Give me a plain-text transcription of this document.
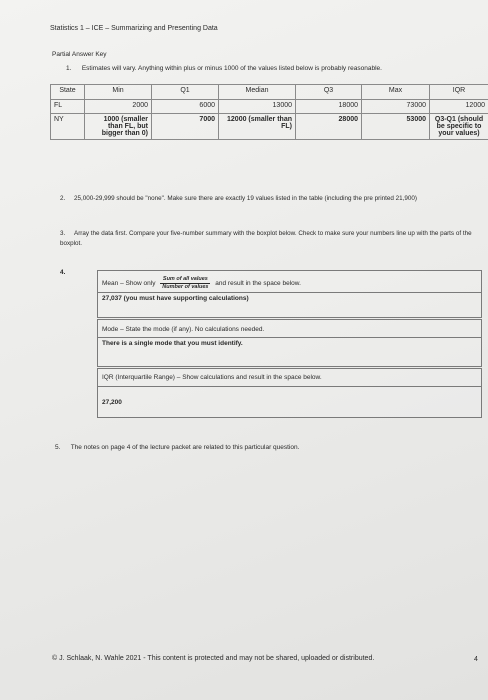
Statistics 1 – ICE – Summarizing and Presenting Data
Partial Answer Key
1. Estimates will vary. Anything within plus or minus 1000 of the values listed below is probably reasonable.
State	Min	Q1	Median	Q3	Max	IQR
FL	2000	6000	13000	18000	73000	12000
NY	1000 (smaller than FL, but bigger than 0)	7000	12000 (smaller than FL)	28000	53000	Q3-Q1 (should be specific to your values)
2. 25,000-29,999 should be "none". Make sure there are exactly 19 values listed in the table (including the pre printed 21,900)
3. Array the data first. Compare your five-number summary with the boxplot below. Check to make sure your numbers line up with the parts of the boxplot.
4.
Mean – Show only $\frac{\text{Sum of all values}}{\text{Number of values}}$ and result in the space below.
27,037 (you must have supporting calculations)
Mode – State the mode (if any). No calculations needed.
There is a single mode that you must identify.
IQR (Interquartile Range) – Show calculations and result in the space below.
27,200
5. The notes on page 4 of the lecture packet are related to this particular question.
© J. Schlaak, N. Wahle 2021 - This content is protected and may not be shared, uploaded or distributed.	4
